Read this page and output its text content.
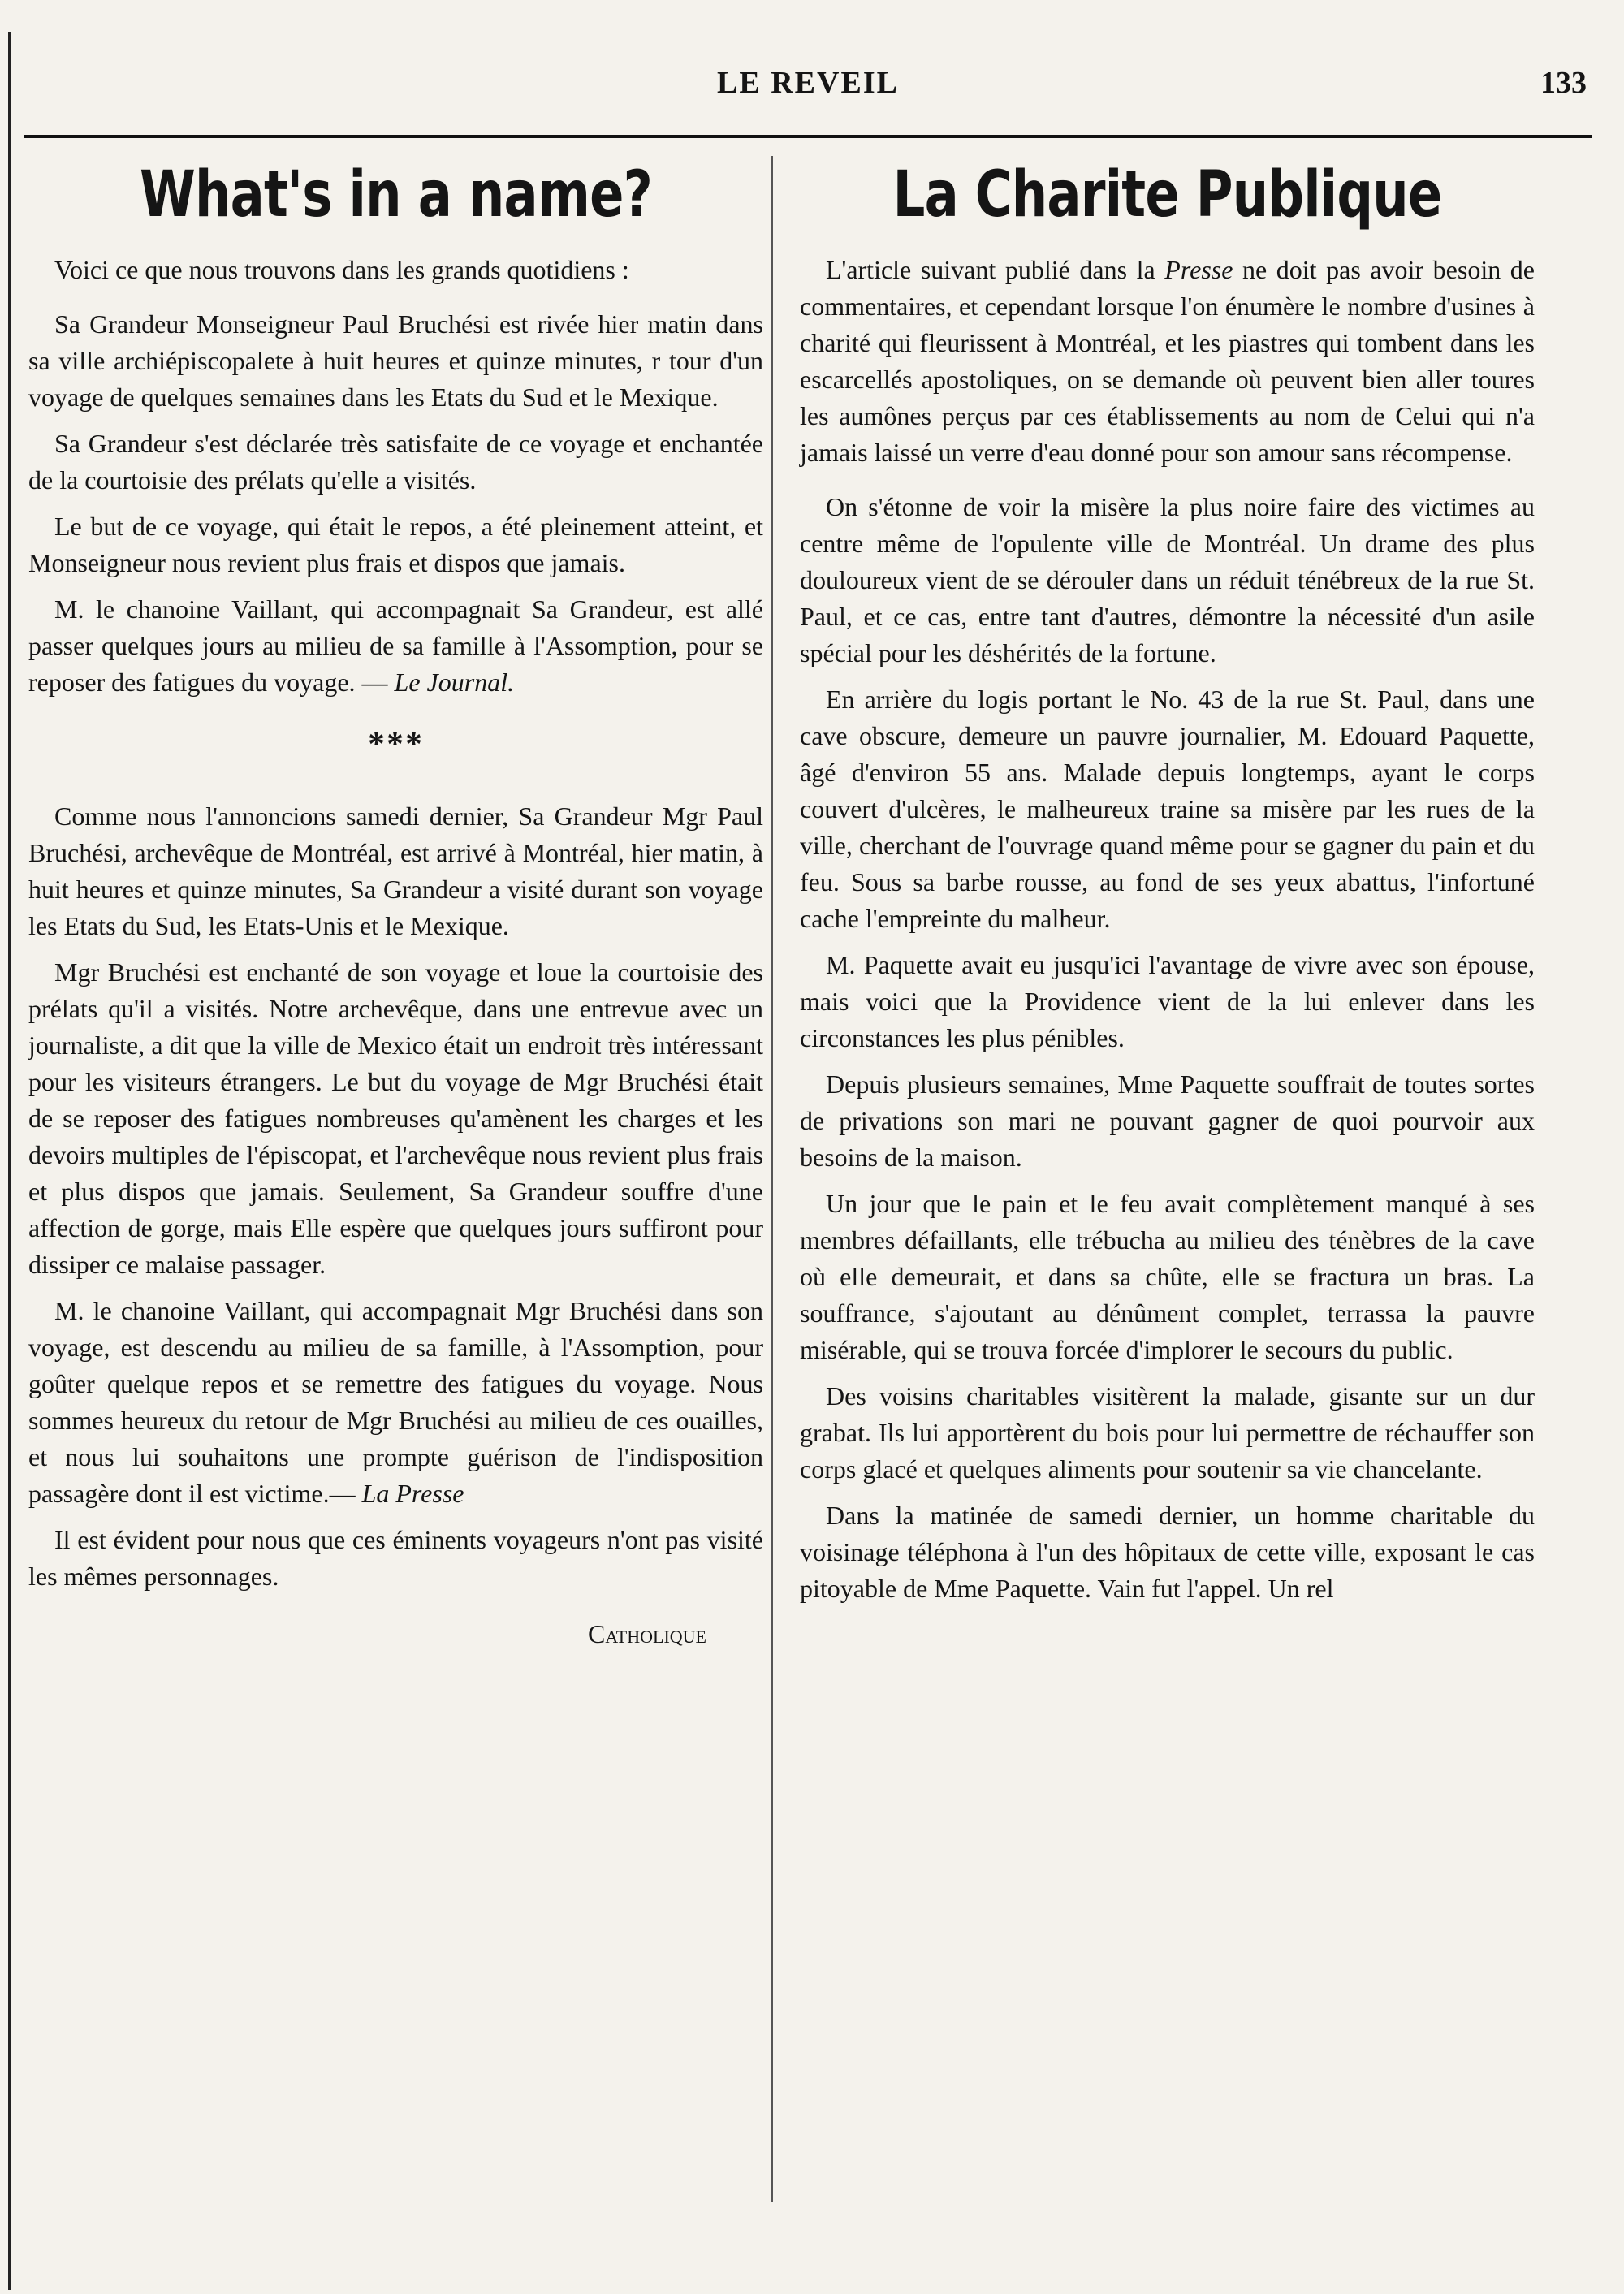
LE REVEIL	133
What's in a name?

Voici ce que nous trouvons dans les grands quotidiens :

Sa Grandeur Monseigneur Paul Bruchési est rivée hier matin dans sa ville archiépiscopalete à huit heures et quinze minutes, r tour d'un voyage de quelques semaines dans les Etats du Sud et le Mexique.

Sa Grandeur s'est déclarée très satisfaite de ce voyage et enchantée de la courtoisie des prélats qu'elle a visités.

Le but de ce voyage, qui était le repos, a été pleinement atteint, et Monseigneur nous revient plus frais et dispos que jamais.

M. le chanoine Vaillant, qui accompagnait Sa Grandeur, est allé passer quelques jours au milieu de sa famille à l'Assomption, pour se reposer des fatigues du voyage. — Le Journal.

***

Comme nous l'annoncions samedi dernier, Sa Grandeur Mgr Paul Bruchési, archevêque de Montréal, est arrivé à Montréal, hier matin, à huit heures et quinze minutes, Sa Grandeur a visité durant son voyage les Etats du Sud, les Etats-Unis et le Mexique.

Mgr Bruchési est enchanté de son voyage et loue la courtoisie des prélats qu'il a visités. Notre archevêque, dans une entrevue avec un journaliste, a dit que la ville de Mexico était un endroit très intéressant pour les visiteurs étrangers. Le but du voyage de Mgr Bruchési était de se reposer des fatigues nombreuses qu'amènent les charges et les devoirs multiples de l'épiscopat, et l'archevêque nous revient plus frais et plus dispos que jamais. Seulement, Sa Grandeur souffre d'une affection de gorge, mais Elle espère que quelques jours suffiront pour dissiper ce malaise passager.

M. le chanoine Vaillant, qui accompagnait Mgr Bruchési dans son voyage, est descendu au milieu de sa famille, à l'Assomption, pour goûter quelque repos et se remettre des fatigues du voyage. Nous sommes heureux du retour de Mgr Bruchési au milieu de ces ouailles, et nous lui souhaitons une prompte guérison de l'indisposition passagère dont il est victime.— La Presse

Il est évident pour nous que ces éminents voyageurs n'ont pas visité les mêmes personnages.

Catholique

La Charite Publique

L'article suivant publié dans la Presse ne doit pas avoir besoin de commentaires, et cependant lorsque l'on énumère le nombre d'usines à charité qui fleurissent à Montréal, et les piastres qui tombent dans les escarcellés apostoliques, on se demande où peuvent bien aller toures les aumônes perçus par ces établissements au nom de Celui qui n'a jamais laissé un verre d'eau donné pour son amour sans récompense.

On s'étonne de voir la misère la plus noire faire des victimes au centre même de l'opulente ville de Montréal. Un drame des plus douloureux vient de se dérouler dans un réduit ténébreux de la rue St. Paul, et ce cas, entre tant d'autres, démontre la nécessité d'un asile spécial pour les déshérités de la fortune.

En arrière du logis portant le No. 43 de la rue St. Paul, dans une cave obscure, demeure un pauvre journalier, M. Edouard Paquette, âgé d'environ 55 ans. Malade depuis longtemps, ayant le corps couvert d'ulcères, le malheureux traine sa misère par les rues de la ville, cherchant de l'ouvrage quand même pour se gagner du pain et du feu. Sous sa barbe rousse, au fond de ses yeux abattus, l'infortuné cache l'empreinte du malheur.

M. Paquette avait eu jusqu'ici l'avantage de vivre avec son épouse, mais voici que la Providence vient de la lui enlever dans les circonstances les plus pénibles.

Depuis plusieurs semaines, Mme Paquette souffrait de toutes sortes de privations son mari ne pouvant gagner de quoi pourvoir aux besoins de la maison.

Un jour que le pain et le feu avait complètement manqué à ses membres défaillants, elle trébucha au milieu des ténèbres de la cave où elle demeurait, et dans sa chûte, elle se fractura un bras. La souffrance, s'ajoutant au dénûment complet, terrassa la pauvre misérable, qui se trouva forcée d'implorer le secours du public.

Des voisins charitables visitèrent la malade, gisante sur un dur grabat. Ils lui apportèrent du bois pour lui permettre de réchauffer son corps glacé et quelques aliments pour soutenir sa vie chancelante.

Dans la matinée de samedi dernier, un homme charitable du voisinage téléphona à l'un des hôpitaux de cette ville, exposant le cas pitoyable de Mme Paquette. Vain fut l'appel. Un rel
